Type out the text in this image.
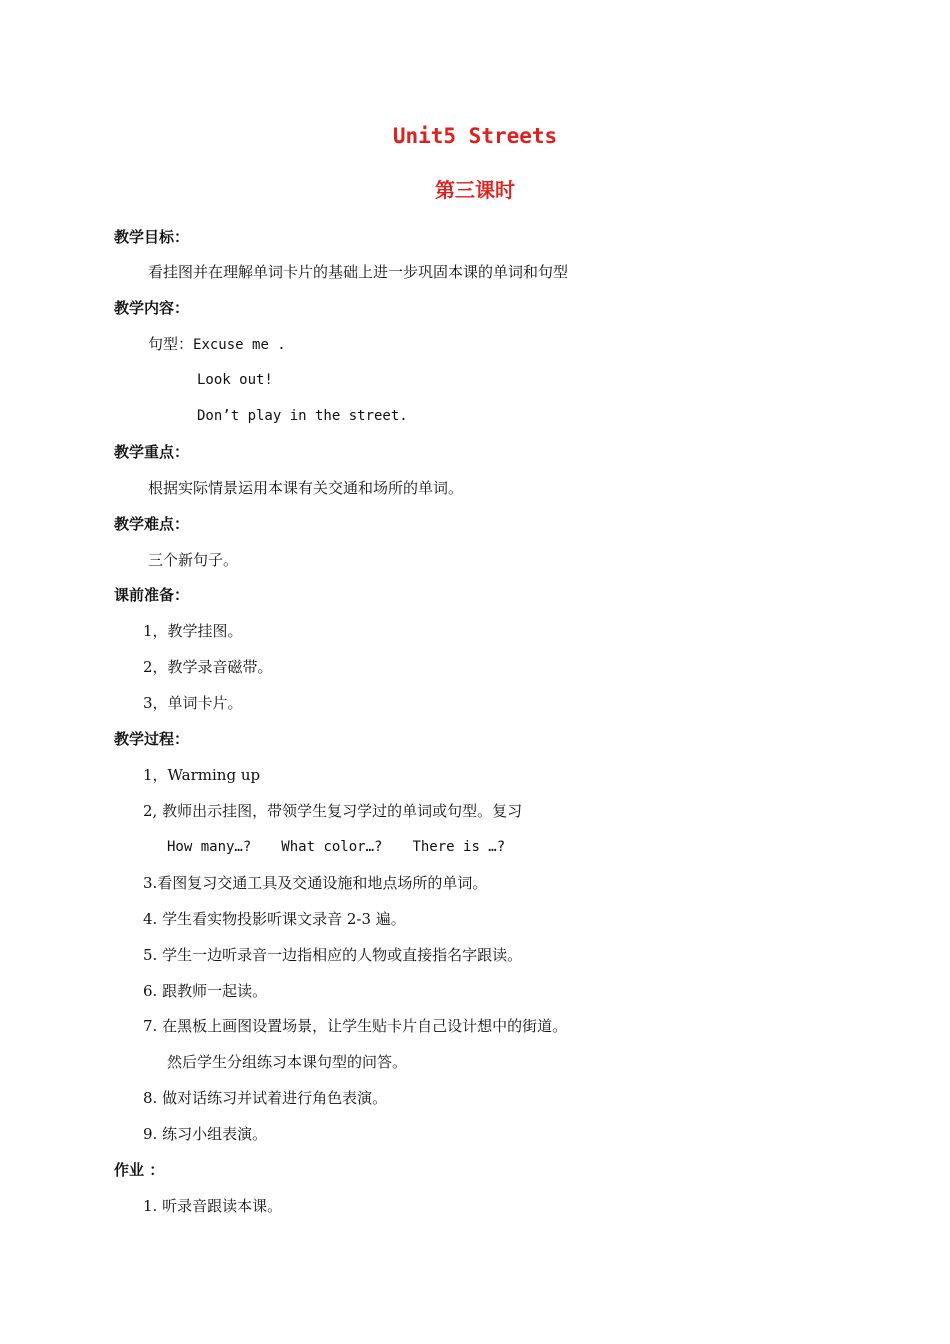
Unit5 Streets
第三课时
教学目标：
看挂图并在理解单词卡片的基础上进一步巩固本课的单词和句型
教学内容：
句型：Excuse me .
Look out!
Don’t play in the street.
教学重点：
根据实际情景运用本课有关交通和场所的单词。
教学难点：
三个新句子。
课前准备：
1，教学挂图。
2，教学录音磁带。
3，单词卡片。
教学过程：
1，Warming up
2, 教师出示挂图，带领学生复习学过的单词或句型。复习
How many…? What color…? There is …?
3.看图复习交通工具及交通设施和地点场所的单词。
4. 学生看实物投影听课文录音 2-3 遍。
5. 学生一边听录音一边指相应的人物或直接指名字跟读。
6. 跟教师一起读。
7. 在黑板上画图设置场景，让学生贴卡片自己设计想中的街道。
然后学生分组练习本课句型的问答。
8. 做对话练习并试着进行角色表演。
9. 练习小组表演。
作业 ：
1. 听录音跟读本课。
